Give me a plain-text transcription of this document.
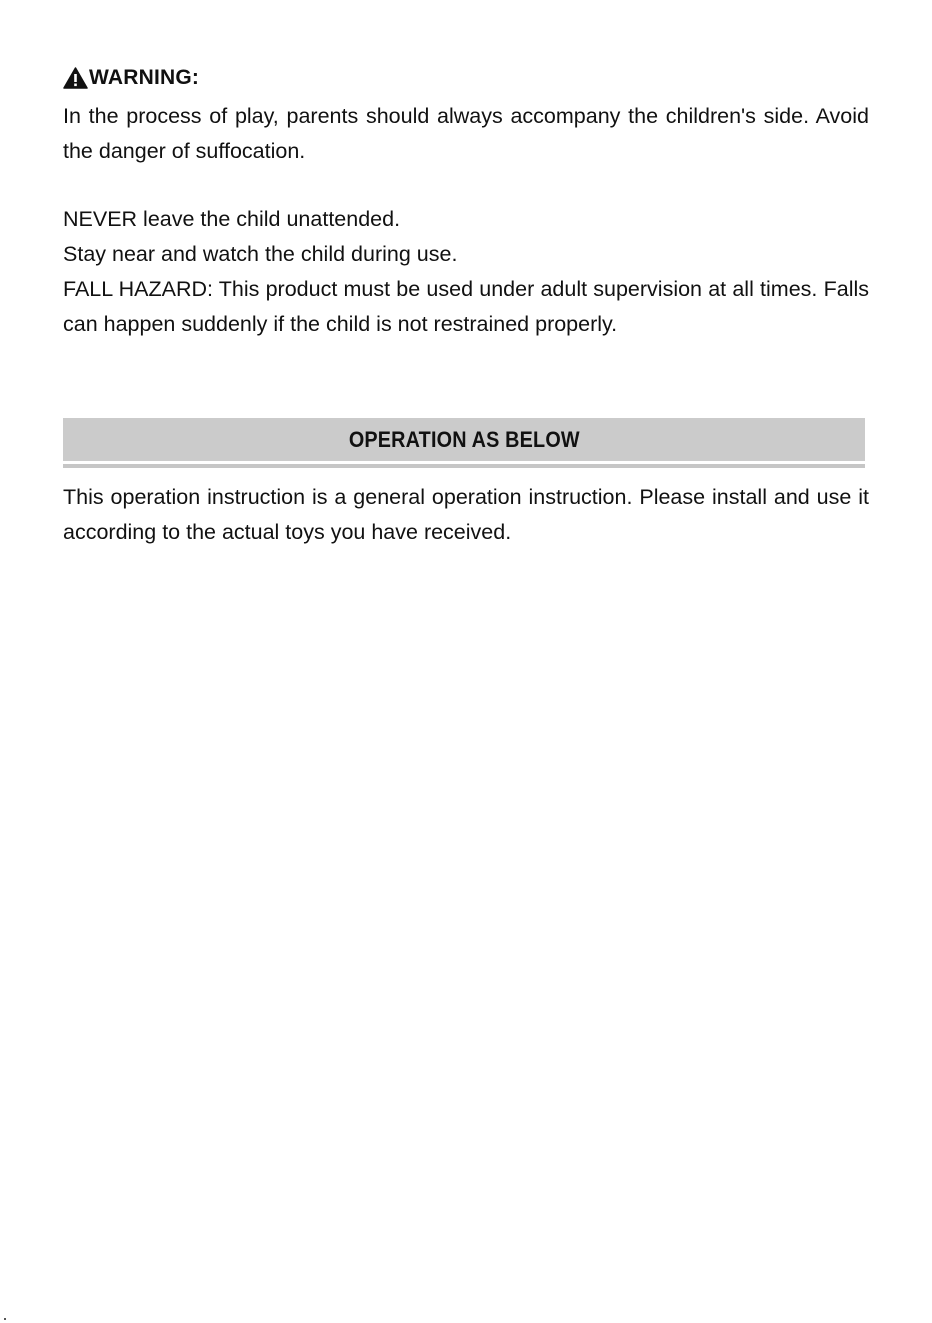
WARNING:

In the process of play, parents should always accompany the children's side. Avoid the danger of suffocation.

NEVER leave the child unattended.

Stay near and watch the child during use.

FALL HAZARD: This product must be used under adult supervision at all times. Falls can happen suddenly if the child is not restrained properly.

OPERATION AS BELOW

This operation instruction is a general operation instruction. Please install and use it according to the actual toys you have received.
